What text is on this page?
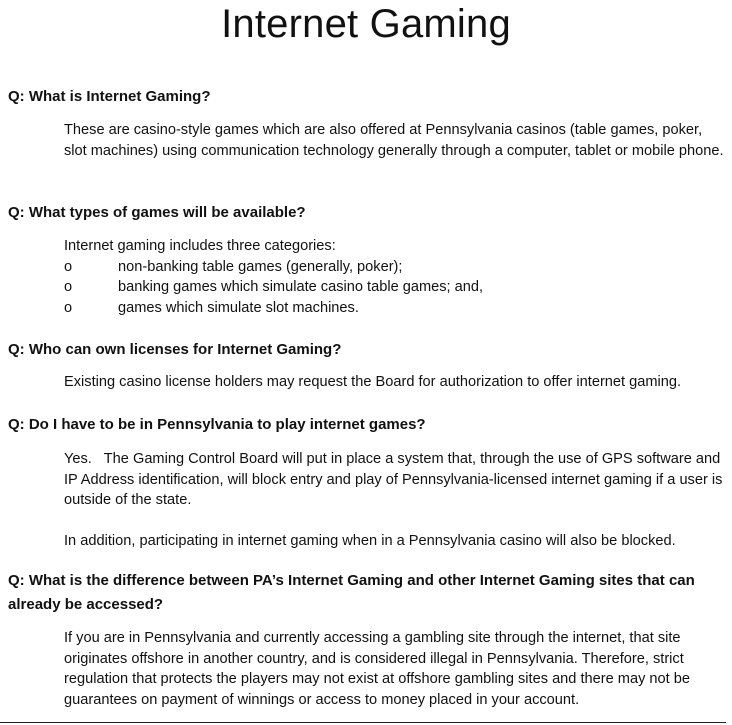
Internet Gaming

Q: What is Internet Gaming?

These are casino-style games which are also offered at Pennsylvania casinos (table games, poker, slot machines) using communication technology generally through a computer, tablet or mobile phone.

Q: What types of games will be available?

Internet gaming includes three categories:

o	non-banking table games (generally, poker);
o	banking games which simulate casino table games; and,
o	games which simulate slot machines.

Q: Who can own licenses for Internet Gaming?

Existing casino license holders may request the Board for authorization to offer internet gaming.

Q: Do I have to be in Pennsylvania to play internet games?

Yes.   The Gaming Control Board will put in place a system that, through the use of GPS software and IP Address identification, will block entry and play of Pennsylvania-licensed internet gaming if a user is outside of the state.

In addition, participating in internet gaming when in a Pennsylvania casino will also be blocked.

Q: What is the difference between PA’s Internet Gaming and other Internet Gaming sites that can already be accessed?

If you are in Pennsylvania and currently accessing a gambling site through the internet, that site originates offshore in another country, and is considered illegal in Pennsylvania. Therefore, strict regulation that protects the players may not exist at offshore gambling sites and there may not be guarantees on payment of winnings or access to money placed in your account.
